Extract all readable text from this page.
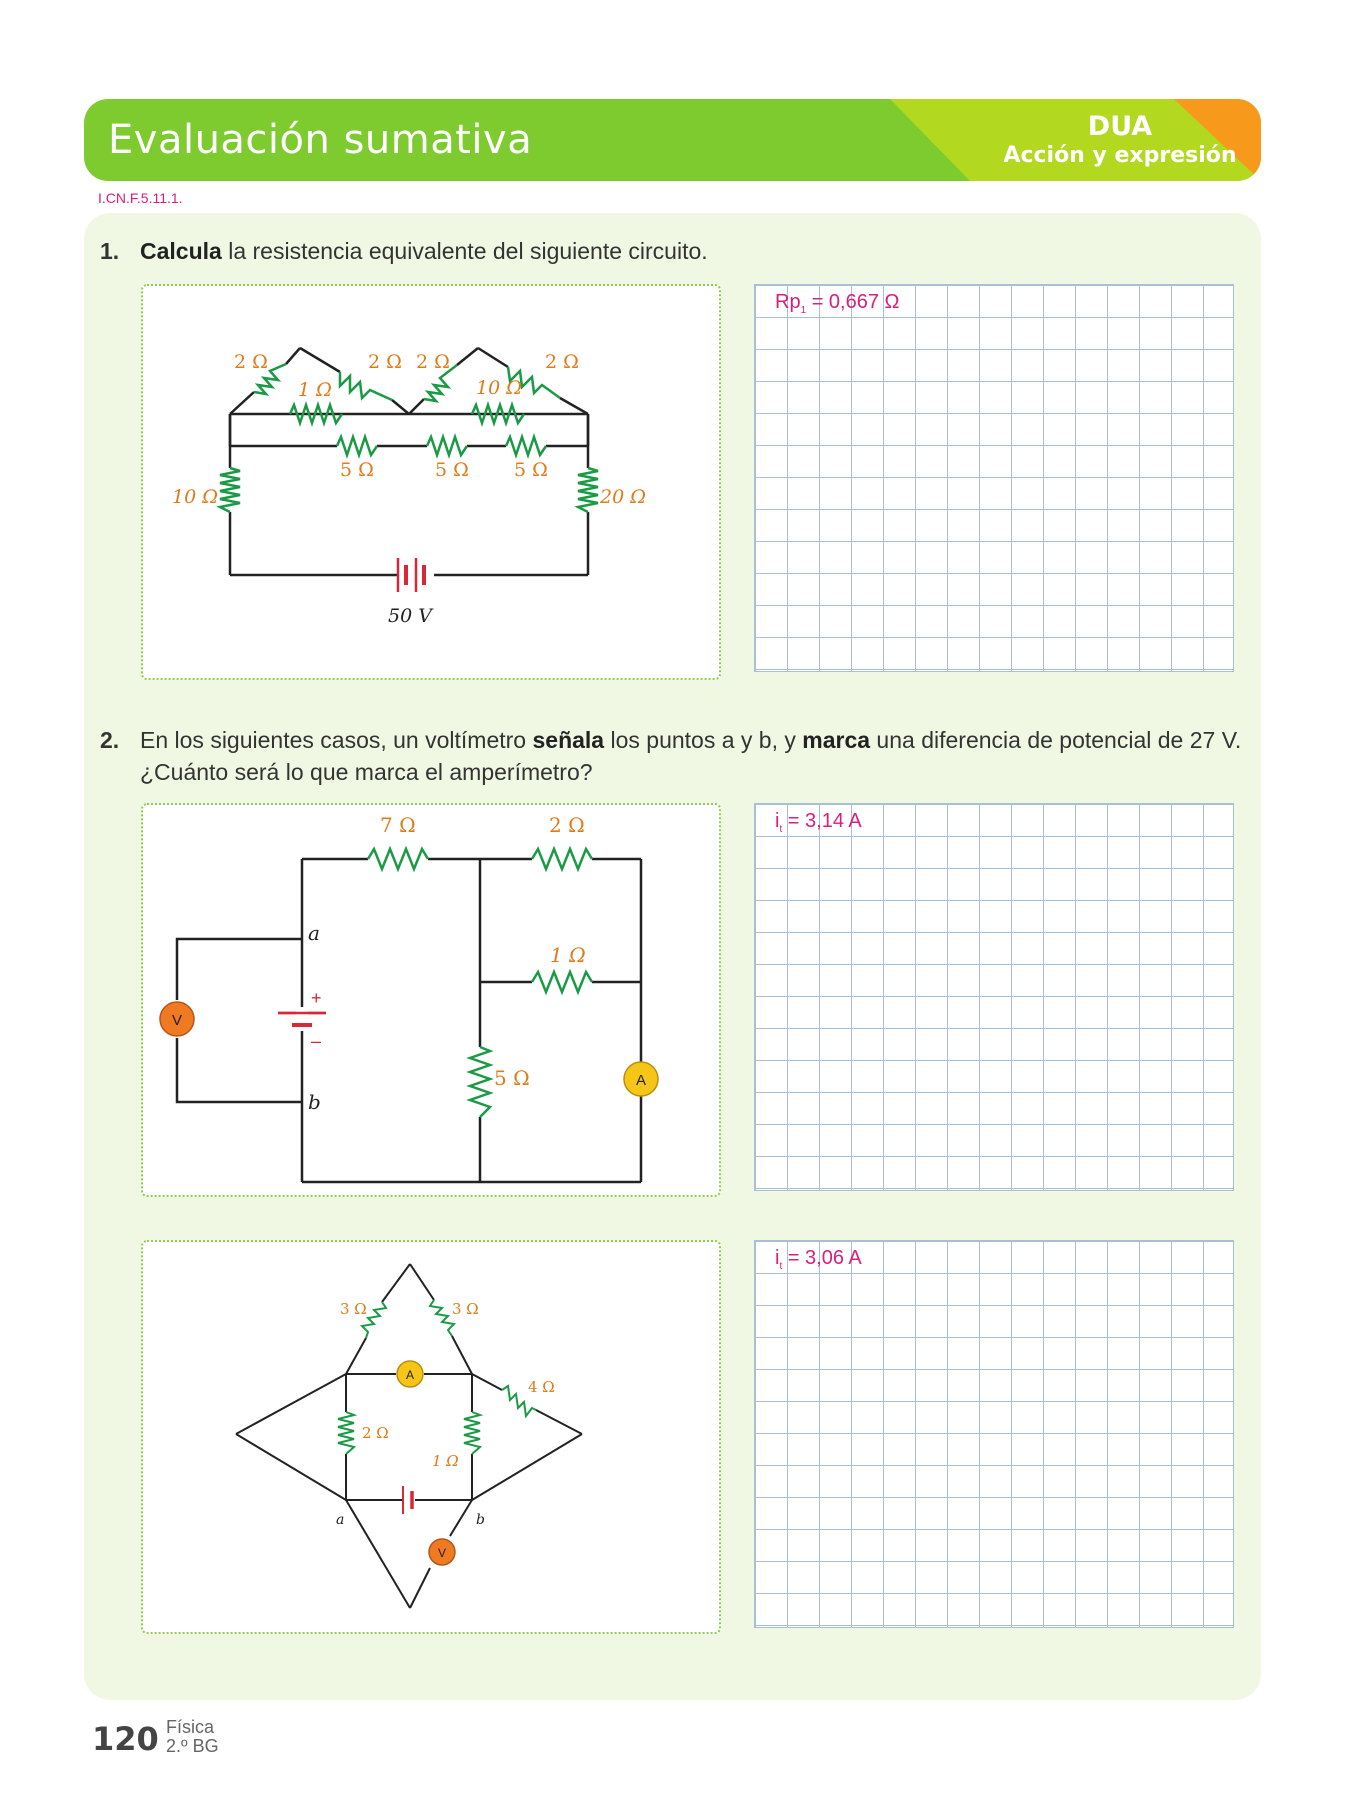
Evaluación sumativa	DUA
Acción y expresión
I.CN.F.5.11.1.
1. Calcula la resistencia equivalente del siguiente circuito.
2 Ω	2 Ω 2 Ω	2 Ω
1 Ω	10 Ω
5 Ω	5 Ω 5 Ω
10 Ω	20 Ω
50 V
$Rp_1 = 0,667$ Ω
2. En los siguientes casos, un voltímetro señala los puntos a y b, y marca una diferencia de potencial de 27 V.
¿Cuánto será lo que marca el amperímetro?
7 Ω	2 Ω
1 Ω
5 Ω
a
b
+
–
V
A
$i_t = 3,14$ A
3 Ω	3 Ω
4 Ω
2 Ω
1 Ω
a	b
A
V
$i_t = 3,06$ A
120 Física
2.º BG
